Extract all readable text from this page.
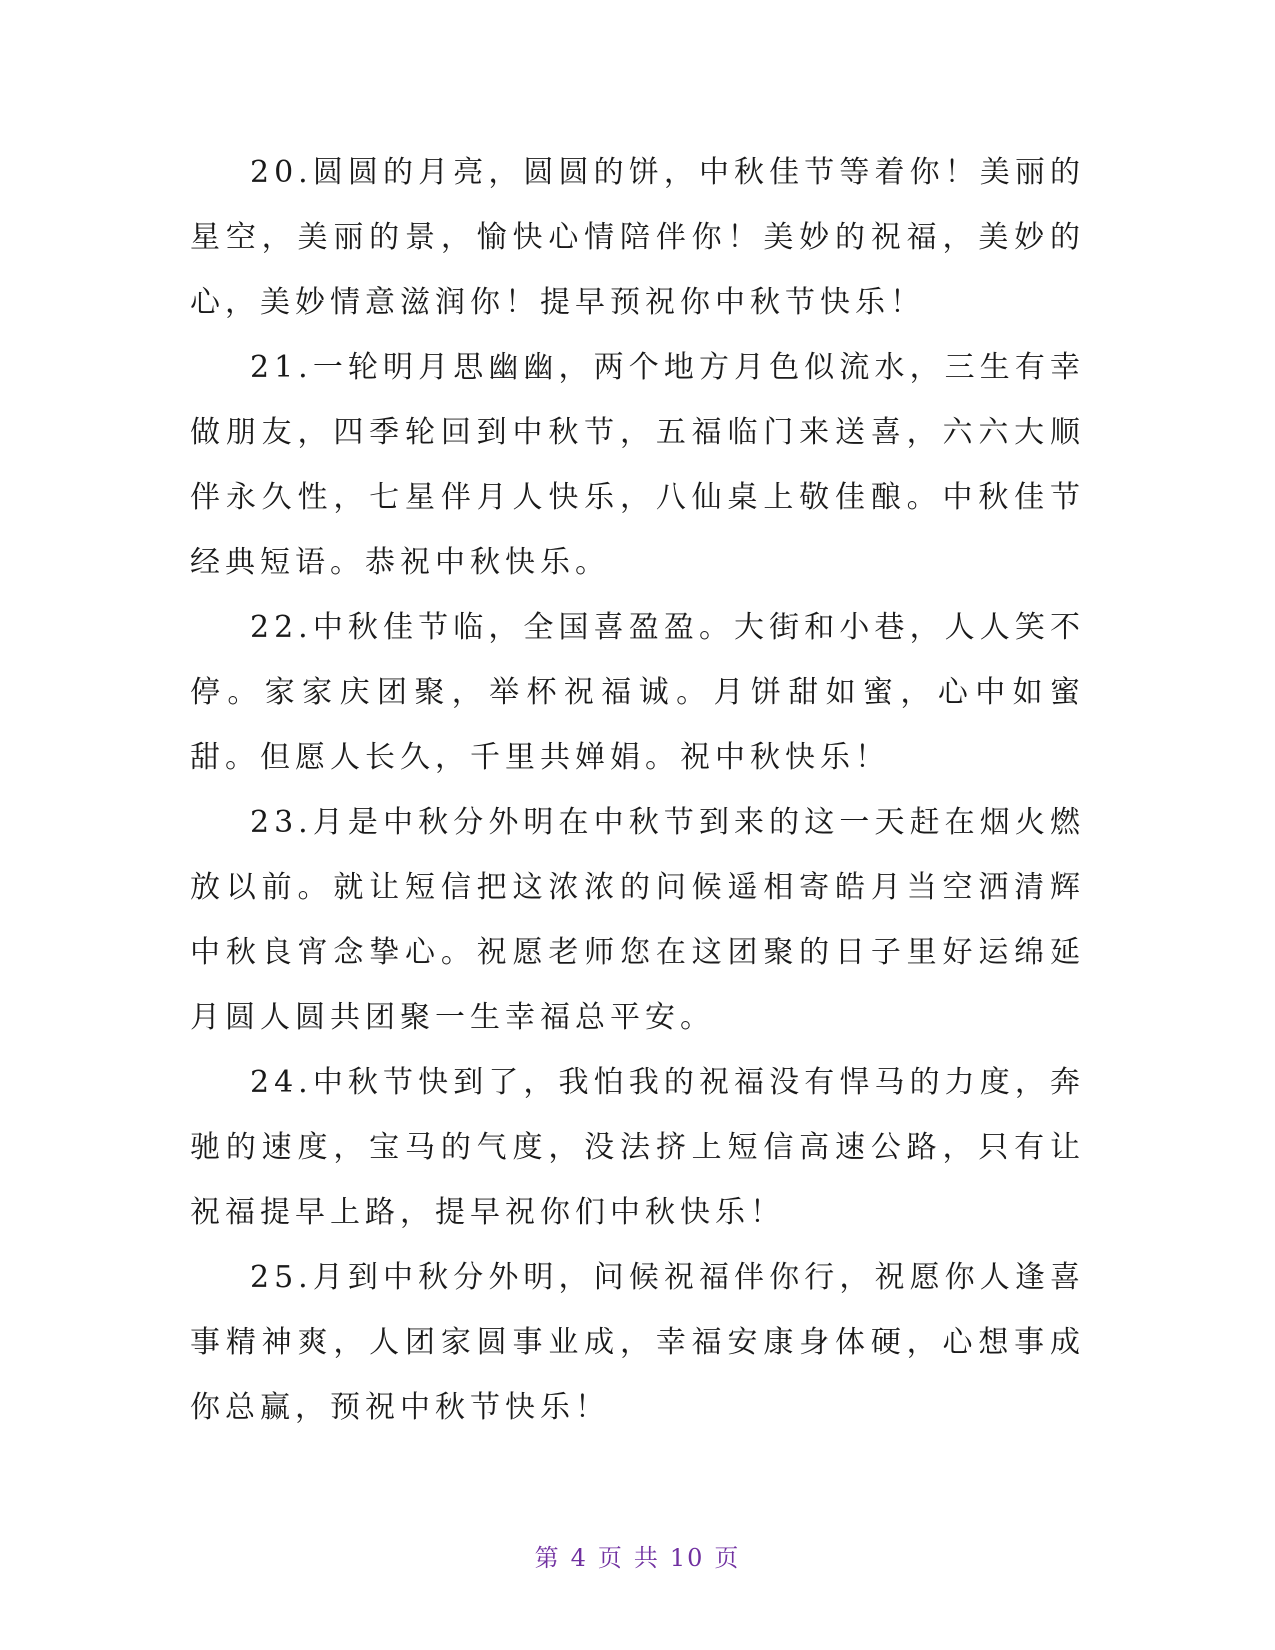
20.圆圆的月亮，圆圆的饼，中秋佳节等着你！美丽的星空，美丽的景，愉快心情陪伴你！美妙的祝福，美妙的心，美妙情意滋润你！提早预祝你中秋节快乐！

21.一轮明月思幽幽，两个地方月色似流水，三生有幸做朋友，四季轮回到中秋节，五福临门来送喜，六六大顺伴永久性，七星伴月人快乐，八仙桌上敬佳酿。中秋佳节经典短语。恭祝中秋快乐。

22.中秋佳节临，全国喜盈盈。大街和小巷，人人笑不停。家家庆团聚，举杯祝福诚。月饼甜如蜜，心中如蜜甜。但愿人长久，千里共婵娟。祝中秋快乐！

23.月是中秋分外明在中秋节到来的这一天赶在烟火燃放以前。就让短信把这浓浓的问候遥相寄皓月当空洒清辉中秋良宵念挚心。祝愿老师您在这团聚的日子里好运绵延月圆人圆共团聚一生幸福总平安。

24.中秋节快到了，我怕我的祝福没有悍马的力度，奔驰的速度，宝马的气度，没法挤上短信高速公路，只有让祝福提早上路，提早祝你们中秋快乐！

25.月到中秋分外明，问候祝福伴你行，祝愿你人逢喜事精神爽，人团家圆事业成，幸福安康身体硬，心想事成你总赢，预祝中秋节快乐！

第 4 页 共 10 页
